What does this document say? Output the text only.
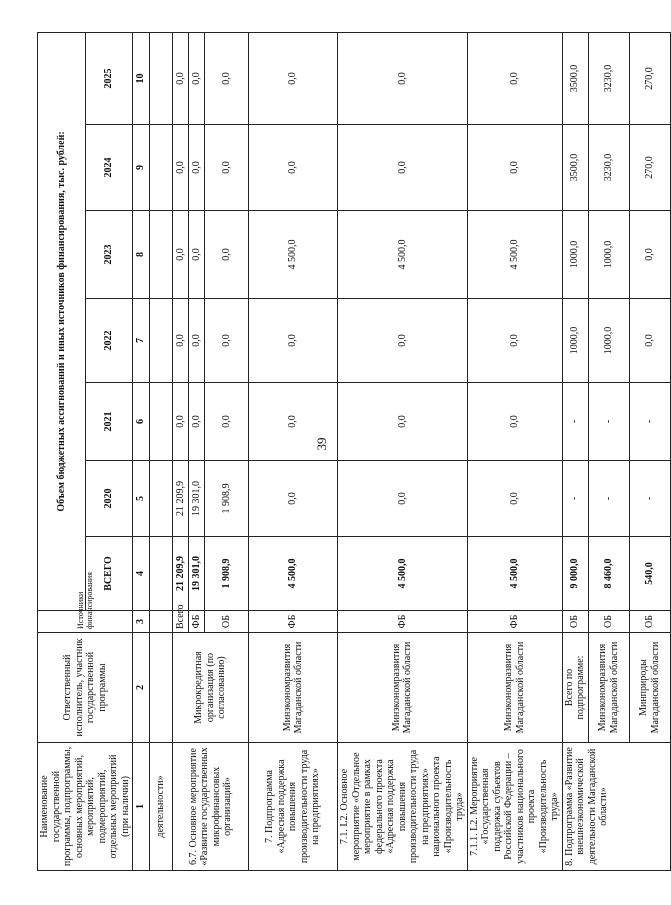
39
Наименование государственной программы, подпрограммы, основных мероприятий, мероприятий, подмероприятий, отдельных мероприятий (при наличии)	Ответственный исполнитель, участник государственной программы	Источники финансирования	Объем бюджетных ассигнований и иных источников финансирования, тыс. рублей:						
			ВСЕГО	2020	2021	2022	2023	2024	2025
1	2	3	4	5	6	7	8	9	10
деятельности»									
6.7. Основное мероприятие «Развитие государственных микрофинансовых организаций»	Микрокредитная организация (по согласованию)	Всего	21 209,9	21 209,9	0,0	0,0	0,0	0,0	0,0
		ФБ	19 301,0	19 301,0	0,0	0,0	0,0	0,0	0,0
		ОБ	1 908,9	1 908,9	0,0	0,0	0,0	0,0	0,0
7. Подпрограмма «Адресная поддержка повышения производительности труда на предприятиях»	Минэкономразвития Магаданской области	ФБ	4 500,0	0,0	0,0	0,0	4 500,0	0,0	0,0
7.1. L2. Основное мероприятие «Отдельное мероприятие в рамках федерального проекта «Адресная поддержка повышения производительности труда на предприятиях» национального проекта «Производительность труда»	Минэкономразвития Магаданской области	ФБ	4 500,0	0,0	0,0	0,0	4 500,0	0,0	0,0
7.1.1. L2. Мероприятие «Государственная поддержка субъектов Российской Федерации – участников национального проекта «Производительность труда»	Минэкономразвития Магаданской области	ФБ	4 500,0	0,0	0,0	0,0	4 500,0	0,0	0,0
8. Подпрограмма «Развитие внешнеэкономической деятельности Магаданской области»	Всего по подпрограмме:	ОБ	9 000,0	-	-	1000,0	1000,0	3500,0	3500,0
	Минэкономразвития Магаданской области	ОБ	8 460,0	-	-	1000,0	1000,0	3230,0	3230,0
	Минприроды Магаданской области	ОБ	540,0	-	-	0,0	0,0	270,0	270,0
